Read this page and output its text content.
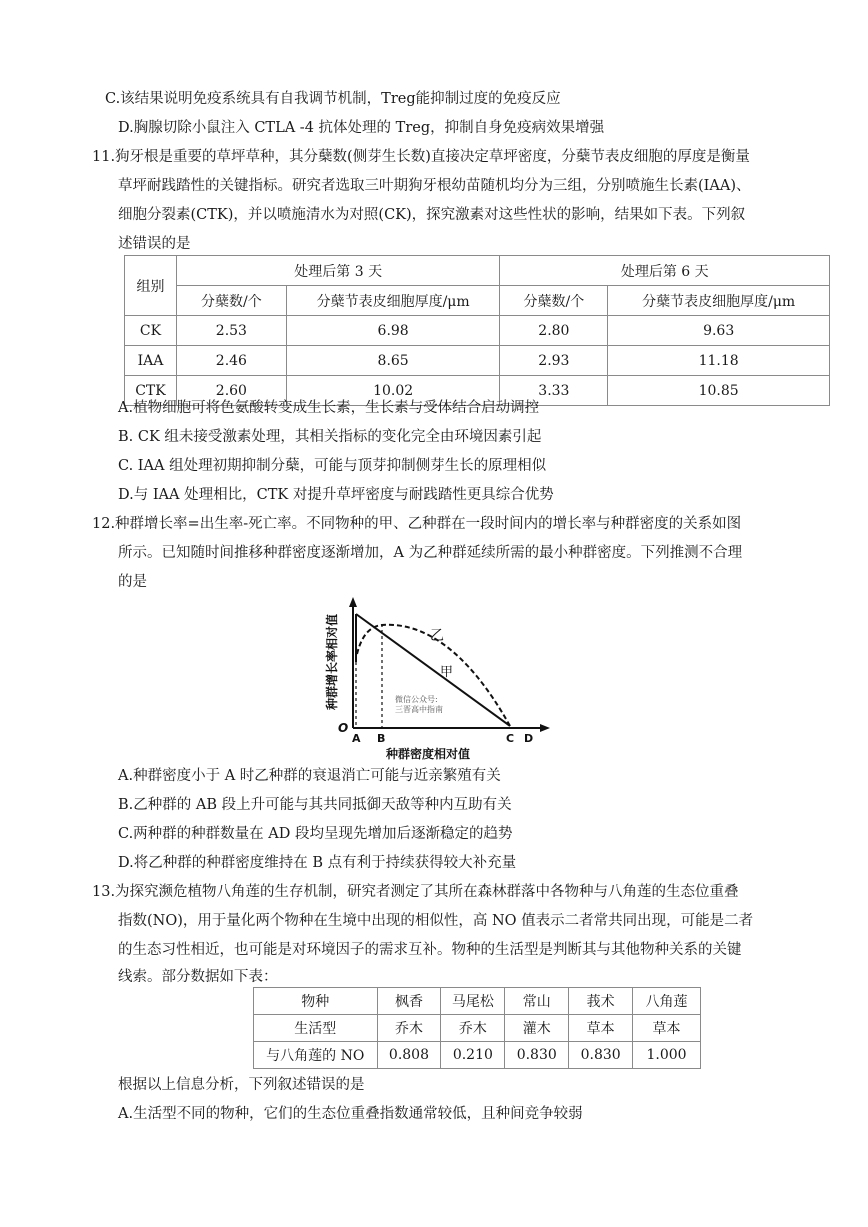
C.该结果说明免疫系统具有自我调节机制，Treg能抑制过度的免疫反应
D.胸腺切除小鼠注入 CTLA -4 抗体处理的 Treg，抑制自身免疫病效果增强
11.狗牙根是重要的草坪草种，其分蘖数(侧芽生长数)直接决定草坪密度，分蘖节表皮细胞的厚度是衡量
草坪耐践踏性的关键指标。研究者选取三叶期狗牙根幼苗随机均分为三组，分别喷施生长素(IAA)、
细胞分裂素(CTK)，并以喷施清水为对照(CK)，探究激素对这些性状的影响，结果如下表。下列叙
述错误的是
组别	处理后第 3 天		处理后第 6 天	
	分蘖数/个	分蘖节表皮细胞厚度/μm	分蘖数/个	分蘖节表皮细胞厚度/μm
CK	2.53	6.98	2.80	9.63
IAA	2.46	8.65	2.93	11.18
CTK	2.60	10.02	3.33	10.85
A.植物细胞可将色氨酸转变成生长素，生长素与受体结合启动调控
B. CK 组未接受激素处理，其相关指标的变化完全由环境因素引起
C. IAA 组处理初期抑制分蘖，可能与顶芽抑制侧芽生长的原理相似
D.与 IAA 处理相比，CTK 对提升草坪密度与耐践踏性更具综合优势
12.种群增长率=出生率-死亡率。不同物种的甲、乙种群在一段时间内的增长率与种群密度的关系如图
所示。已知随时间推移种群密度逐渐增加，A 为乙种群延续所需的最小种群密度。下列推测不合理
的是
乙
甲
O
A B	C D
种群密度相对值
种群增长率相对值	微信公众号:
三晋高中指南
A.种群密度小于 A 时乙种群的衰退消亡可能与近亲繁殖有关
B.乙种群的 AB 段上升可能与其共同抵御天敌等种内互助有关
C.两种群的种群数量在 AD 段均呈现先增加后逐渐稳定的趋势
D.将乙种群的种群密度维持在 B 点有利于持续获得较大补充量
13.为探究濒危植物八角莲的生存机制，研究者测定了其所在森林群落中各物种与八角莲的生态位重叠
指数(NO)，用于量化两个物种在生境中出现的相似性，高 NO 值表示二者常共同出现，可能是二者
的生态习性相近，也可能是对环境因子的需求互补。物种的生活型是判断其与其他物种关系的关键
线索。部分数据如下表：
物种	枫香	马尾松	常山	莪术	八角莲
生活型	乔木	乔木	灌木	草本	草本
与八角莲的 NO	0.808	0.210	0.830	0.830	1.000
根据以上信息分析，下列叙述错误的是
A.生活型不同的物种，它们的生态位重叠指数通常较低，且种间竞争较弱
